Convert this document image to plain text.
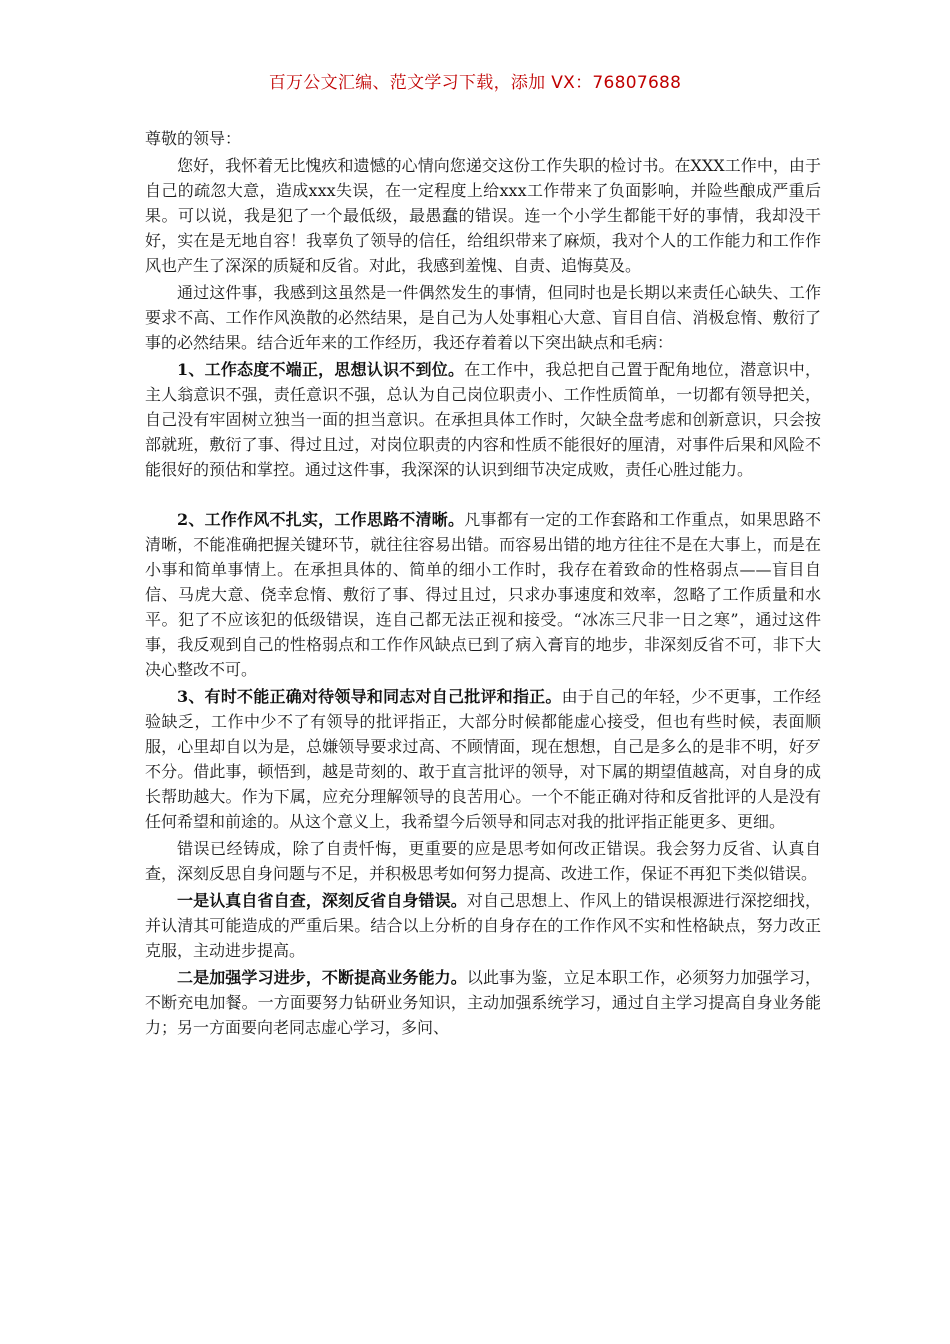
百万公文汇编、范文学习下载，添加 VX：76807688

尊敬的领导：

您好，我怀着无比愧疚和遗憾的心情向您递交这份工作失职的检讨书。在XXX工作中，由于自己的疏忽大意，造成xxx失误，在一定程度上给xxx工作带来了负面影响，并险些酿成严重后果。可以说，我是犯了一个最低级，最愚蠢的错误。连一个小学生都能干好的事情，我却没干好，实在是无地自容！我辜负了领导的信任，给组织带来了麻烦，我对个人的工作能力和工作作风也产生了深深的质疑和反省。对此，我感到羞愧、自责、追悔莫及。

通过这件事，我感到这虽然是一件偶然发生的事情，但同时也是长期以来责任心缺失、工作要求不高、工作作风涣散的必然结果，是自己为人处事粗心大意、盲目自信、消极怠惰、敷衍了事的必然结果。结合近年来的工作经历，我还存着着以下突出缺点和毛病：

1、工作态度不端正，思想认识不到位。在工作中，我总把自己置于配角地位，潜意识中，主人翁意识不强，责任意识不强，总认为自己岗位职责小、工作性质简单，一切都有领导把关，自己没有牢固树立独当一面的担当意识。在承担具体工作时，欠缺全盘考虑和创新意识，只会按部就班，敷衍了事、得过且过，对岗位职责的内容和性质不能很好的厘清，对事件后果和风险不能很好的预估和掌控。通过这件事，我深深的认识到细节决定成败，责任心胜过能力。

2、工作作风不扎实，工作思路不清晰。凡事都有一定的工作套路和工作重点，如果思路不清晰，不能准确把握关键环节，就往往容易出错。而容易出错的地方往往不是在大事上，而是在小事和简单事情上。在承担具体的、简单的细小工作时，我存在着致命的性格弱点——盲目自信、马虎大意、侥幸怠惰、敷衍了事、得过且过，只求办事速度和效率，忽略了工作质量和水平。犯了不应该犯的低级错误，连自己都无法正视和接受。“冰冻三尺非一日之寒”，通过这件事，我反观到自己的性格弱点和工作作风缺点已到了病入膏肓的地步，非深刻反省不可，非下大决心整改不可。

3、有时不能正确对待领导和同志对自己批评和指正。由于自己的年轻，少不更事，工作经验缺乏，工作中少不了有领导的批评指正，大部分时候都能虚心接受，但也有些时候，表面顺服，心里却自以为是，总嫌领导要求过高、不顾情面，现在想想，自己是多么的是非不明，好歹不分。借此事，顿悟到，越是苛刻的、敢于直言批评的领导，对下属的期望值越高，对自身的成长帮助越大。作为下属，应充分理解领导的良苦用心。一个不能正确对待和反省批评的人是没有任何希望和前途的。从这个意义上，我希望今后领导和同志对我的批评指正能更多、更细。

错误已经铸成，除了自责忏悔，更重要的应是思考如何改正错误。我会努力反省、认真自查，深刻反思自身问题与不足，并积极思考如何努力提高、改进工作，保证不再犯下类似错误。

一是认真自省自查，深刻反省自身错误。对自己思想上、作风上的错误根源进行深挖细找，并认清其可能造成的严重后果。结合以上分析的自身存在的工作作风不实和性格缺点，努力改正克服，主动进步提高。

二是加强学习进步，不断提高业务能力。以此事为鉴，立足本职工作，必须努力加强学习，不断充电加餐。一方面要努力钻研业务知识，主动加强系统学习，通过自主学习提高自身业务能力；另一方面要向老同志虚心学习，多问、
